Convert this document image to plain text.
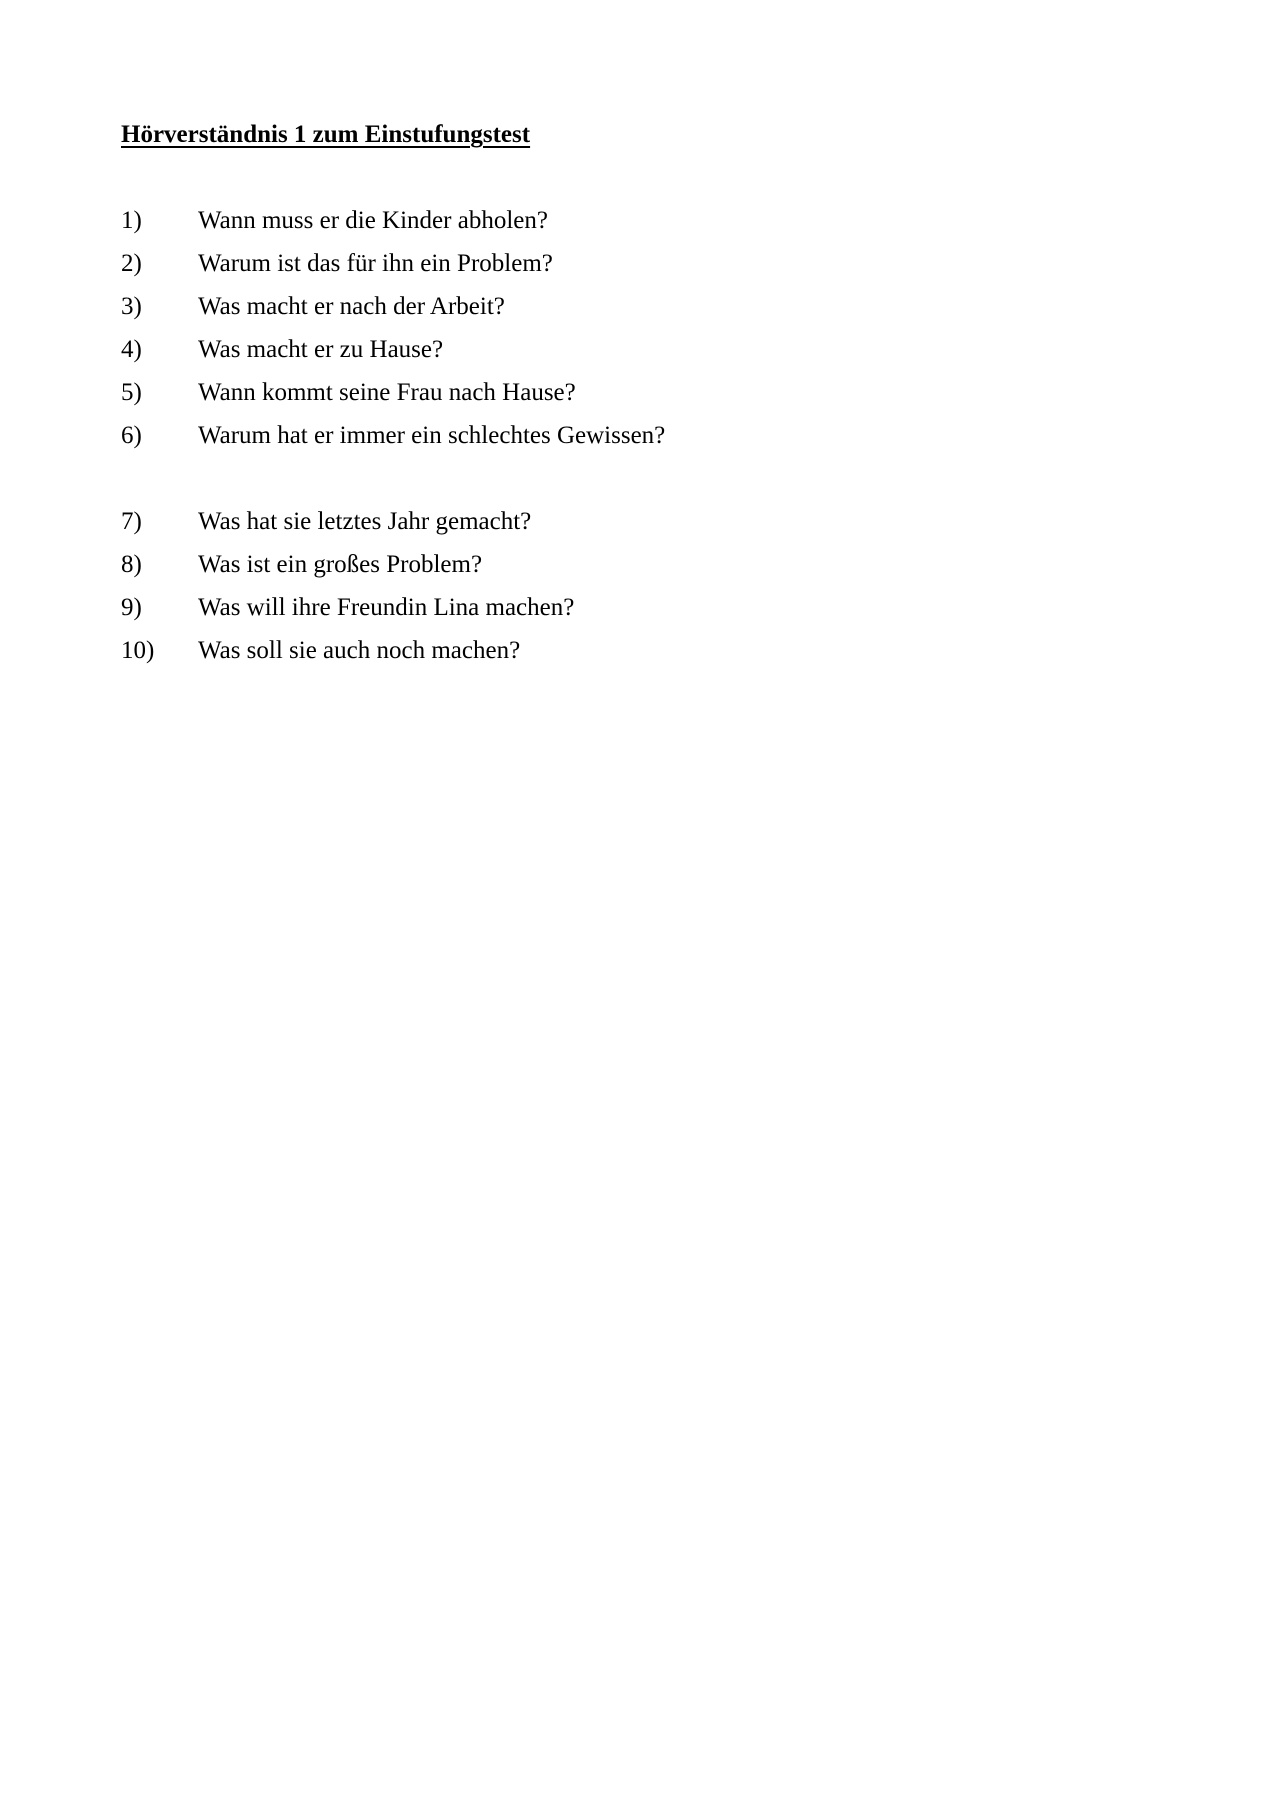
Hörverständnis 1 zum Einstufungstest
1)	Wann muss er die Kinder abholen?
2)	Warum ist das für ihn ein Problem?
3)	Was macht er nach der Arbeit?
4)	Was macht er zu Hause?
5)	Wann kommt seine Frau nach Hause?
6)	Warum hat er immer ein schlechtes Gewissen?
7)	Was hat sie letztes Jahr gemacht?
8)	Was ist ein großes Problem?
9)	Was will ihre Freundin Lina machen?
10)	Was soll sie auch noch machen?
